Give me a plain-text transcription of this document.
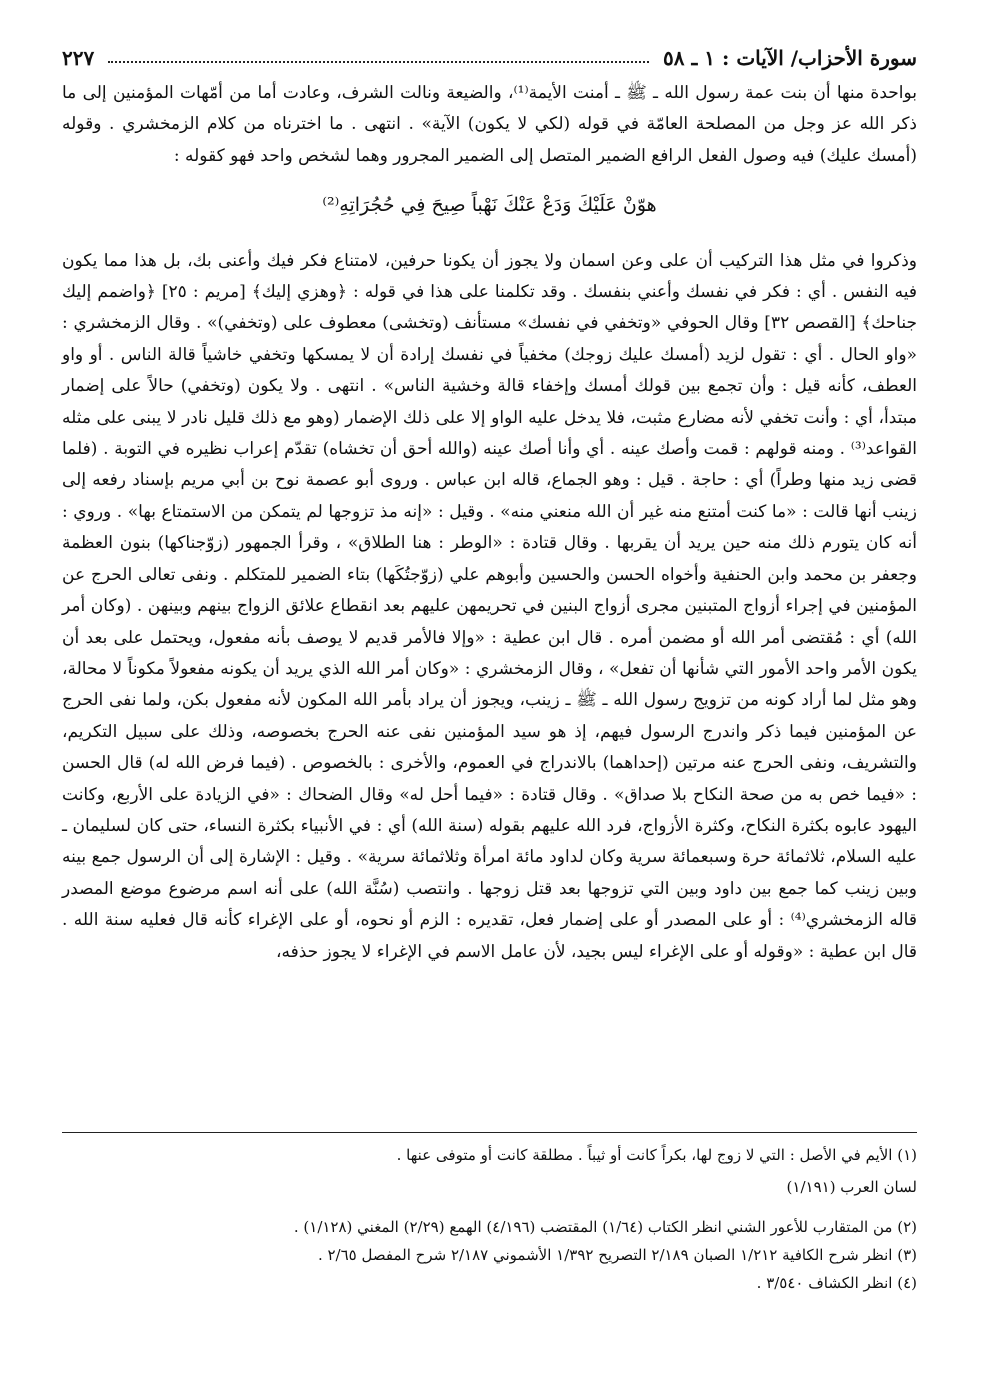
سورة الأحزاب/ الآيات : ١ ـ ٥٨
٢٢٧

بواحدة منها أن بنت عمة رسول الله ـ ﷺ ـ أمنت الأيمة⁽¹⁾، والضيعة ونالت الشرف، وعادت أما من أمّهات المؤمنين إلى ما ذكر الله عز وجل من المصلحة العامّة في قوله (لكي لا يكون) الآية» . انتهى . ما اخترناه من كلام الزمخشري . وقوله (أمسك عليك) فيه وصول الفعل الرافع الضمير المتصل إلى الضمير المجرور وهما لشخص واحد فهو كقوله :

هوّنْ عَلَيْكَ وَدَعْ عَنْكَ نَهْباً صِيحَ فِي حُجُرَاتِهِ⁽²⁾

وذكروا في مثل هذا التركيب أن على وعن اسمان ولا يجوز أن يكونا حرفين، لامتناع فكر فيك وأعنى بك، بل هذا مما يكون فيه النفس . أي : فكر في نفسك وأعني بنفسك . وقد تكلمنا على هذا في قوله : ﴿وهزي إليك﴾ [مريم : ٢٥] ﴿واضمم إليك جناحك﴾ [القصص ٣٢] وقال الحوفي «وتخفي في نفسك» مستأنف (وتخشى) معطوف على (وتخفي)» . وقال الزمخشري : «واو الحال . أي : تقول لزيد (أمسك عليك زوجك) مخفياً في نفسك إرادة أن لا يمسكها وتخفي خاشياً قالة الناس . أو واو العطف، كأنه قيل : وأن تجمع بين قولك أمسك وإخفاء قالة وخشية الناس» . انتهى . ولا يكون (وتخفي) حالاً على إضمار مبتدأ، أي : وأنت تخفي لأنه مضارع مثبت، فلا يدخل عليه الواو إلا على ذلك الإضمار (وهو مع ذلك قليل نادر لا يبنى على مثله القواعد⁽³⁾ . ومنه قولهم : قمت وأصك عينه . أي وأنا أصك عينه (والله أحق أن تخشاه) تقدّم إعراب نظيره في التوبة . (فلما قضى زيد منها وطراً) أي : حاجة . قيل : وهو الجماع، قاله ابن عباس . وروى أبو عصمة نوح بن أبي مريم بإسناد رفعه إلى زينب أنها قالت : «ما كنت أمتنع منه غير أن الله منعني منه» . وقيل : «إنه مذ تزوجها لم يتمكن من الاستمتاع بها» . وروي : أنه كان يتورم ذلك منه حين يريد أن يقربها . وقال قتادة : «الوطر : هنا الطلاق» ، وقرأ الجمهور (زوّجناكها) بنون العظمة وجعفر بن محمد وابن الحنفية وأخواه الحسن والحسين وأبوهم علي (زوّجتُكَها) بتاء الضمير للمتكلم . ونفى تعالى الحرج عن المؤمنين في إجراء أزواج المتبنين مجرى أزواج البنين في تحريمهن عليهم بعد انقطاع علائق الزواج بينهم وبينهن . (وكان أمر الله) أي : مُقتضى أمر الله أو مضمن أمره . قال ابن عطية : «وإلا فالأمر قديم لا يوصف بأنه مفعول، ويحتمل على بعد أن يكون الأمر واحد الأمور التي شأنها أن تفعل» ، وقال الزمخشري : «وكان أمر الله الذي يريد أن يكونه مفعولاً مكوناً لا محالة، وهو مثل لما أراد كونه من تزويج رسول الله ـ ﷺ ـ زينب، ويجوز أن يراد بأمر الله المكون لأنه مفعول بكن، ولما نفى الحرج عن المؤمنين فيما ذكر واندرج الرسول فيهم، إذ هو سيد المؤمنين نفى عنه الحرج بخصوصه، وذلك على سبيل التكريم، والتشريف، ونفى الحرج عنه مرتين (إحداهما) بالاندراج في العموم، والأخرى : بالخصوص . (فيما فرض الله له) قال الحسن : «فيما خص به من صحة النكاح بلا صداق» . وقال قتادة : «فيما أحل له» وقال الضحاك : «في الزيادة على الأربع، وكانت اليهود عابوه بكثرة النكاح، وكثرة الأزواج، فرد الله عليهم بقوله (سنة الله) أي : في الأنبياء بكثرة النساء، حتى كان لسليمان ـ عليه السلام، ثلاثمائة حرة وسبعمائة سرية وكان لداود مائة امرأة وثلاثمائة سرية» . وقيل : الإشارة إلى أن الرسول جمع بينه وبين زينب كما جمع بين داود وبين التي تزوجها بعد قتل زوجها . وانتصب (سُنَّة الله) على أنه اسم مرضوع موضع المصدر قاله الزمخشري⁽⁴⁾ : أو على المصدر أو على إضمار فعل، تقديره : الزم أو نحوه، أو على الإغراء كأنه قال فعليه سنة الله . قال ابن عطية : «وقوله أو على الإغراء ليس بجيد، لأن عامل الاسم في الإغراء لا يجوز حذفه،

(١) الأيم في الأصل : التي لا زوج لها، بكراً كانت أو ثيباً . مطلقة كانت أو متوفى عنها .

لسان العرب (١/١٩١)

(٢) من المتقارب للأعور الشني انظر الكتاب (١/٦٤) المقتضب (٤/١٩٦) الهمع (٢/٢٩) المغني (١/١٢٨) .

(٣) انظر شرح الكافية ١/٢١٢ الصبان ٢/١٨٩ التصريح ١/٣٩٢ الأشموني ٢/١٨٧ شرح المفصل ٢/٦٥ .

(٤) انظر الكشاف ٣/٥٤٠ .
